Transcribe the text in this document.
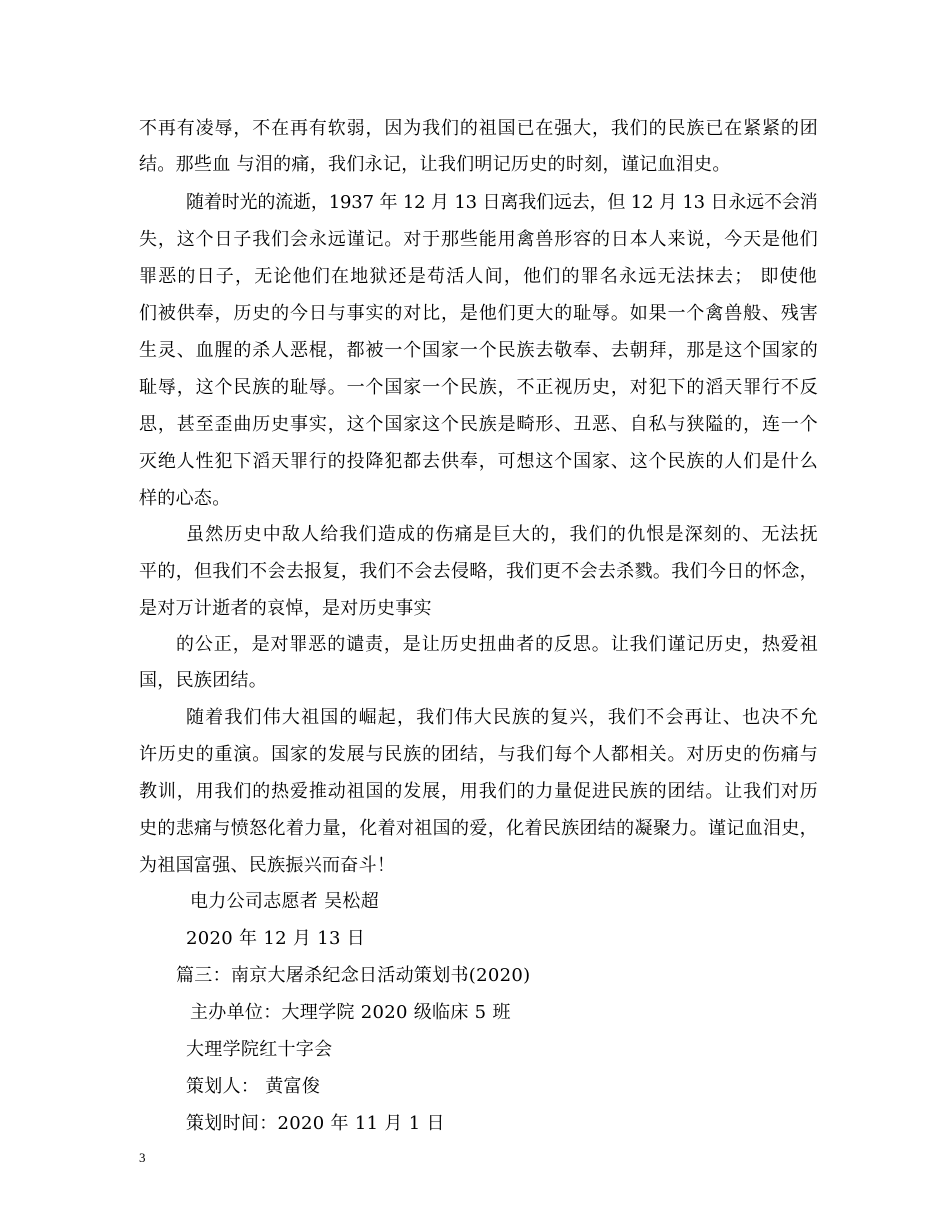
不再有凌辱，不在再有软弱，因为我们的祖国已在强大，我们的民族已在紧紧的团
结。那些血 与泪的痛，我们永记，让我们明记历史的时刻，谨记血泪史。
随着时光的流逝，1937 年 12 月 13 日离我们远去，但 12 月 13 日永远不会消
失，这个日子我们会永远谨记。对于那些能用禽兽形容的日本人来说，今天是他们
罪恶的日子，无论他们在地狱还是苟活人间，他们的罪名永远无法抹去； 即使他
们被供奉，历史的今日与事实的对比，是他们更大的耻辱。如果一个禽兽般、残害
生灵、血腥的杀人恶棍，都被一个国家一个民族去敬奉、去朝拜，那是这个国家的
耻辱，这个民族的耻辱。一个国家一个民族，不正视历史，对犯下的滔天罪行不反
思，甚至歪曲历史事实，这个国家这个民族是畸形、丑恶、自私与狭隘的，连一个
灭绝人性犯下滔天罪行的投降犯都去供奉，可想这个国家、这个民族的人们是什么
样的心态。
虽然历史中敌人给我们造成的伤痛是巨大的，我们的仇恨是深刻的、无法抚
平的，但我们不会去报复，我们不会去侵略，我们更不会去杀戮。我们今日的怀念，
是对万计逝者的哀悼，是对历史事实
的公正，是对罪恶的谴责，是让历史扭曲者的反思。让我们谨记历史，热爱祖
国，民族团结。
随着我们伟大祖国的崛起，我们伟大民族的复兴，我们不会再让、也决不允
许历史的重演。国家的发展与民族的团结，与我们每个人都相关。对历史的伤痛与
教训，用我们的热爱推动祖国的发展，用我们的力量促进民族的团结。让我们对历
史的悲痛与愤怒化着力量，化着对祖国的爱，化着民族团结的凝聚力。谨记血泪史，
为祖国富强、民族振兴而奋斗！
电力公司志愿者 吴松超
2020 年 12 月 13 日
篇三：南京大屠杀纪念日活动策划书(2020)
主办单位：大理学院 2020 级临床 5 班
大理学院红十字会
策划人： 黄富俊
策划时间：2020 年 11 月 1 日
3
